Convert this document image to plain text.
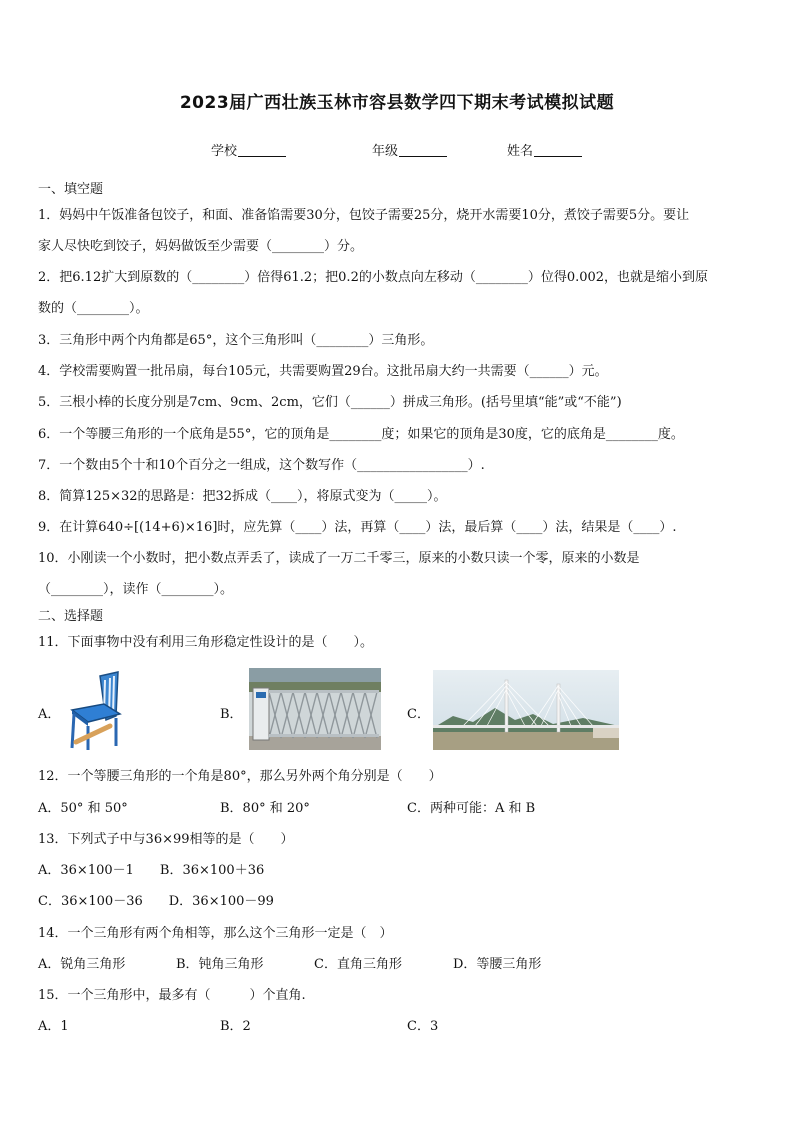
2023届广西壮族玉林市容县数学四下期末考试模拟试题
学校	年级	姓名
一、填空题
1．妈妈中午饭准备包饺子，和面、准备馅需要30分，包饺子需要25分，烧开水需要10分，煮饺子需要5分。要让
家人尽快吃到饺子，妈妈做饭至少需要（________）分。
2．把6.12扩大到原数的（________）倍得61.2；把0.2的小数点向左移动（________）位得0.002，也就是缩小到原
数的（________）。
3．三角形中两个内角都是65°，这个三角形叫（________）三角形。
4．学校需要购置一批吊扇，每台105元，共需要购置29台。这批吊扇大约一共需要（______）元。
5．三根小棒的长度分别是7cm、9cm、2cm，它们（______）拼成三角形。(括号里填“能”或“不能”)
6．一个等腰三角形的一个底角是55°，它的顶角是________度；如果它的顶角是30度，它的底角是________度。
7．一个数由5个十和10个百分之一组成，这个数写作（_________________）.
8．简算125×32的思路是：把32拆成（____），将原式变为（_____）。
9．在计算640÷[(14+6)×16]时，应先算（____）法，再算（____）法，最后算（____）法，结果是（____）.
10．小刚读一个小数时，把小数点弄丢了，读成了一万二千零三，原来的小数只读一个零，原来的小数是
（________），读作（________）。
二、选择题
11．下面事物中没有利用三角形稳定性设计的是（　　）。
A．	B．	C．
12．一个等腰三角形的一个角是80°，那么另外两个角分别是（　　）
A．50° 和 50°	B．80° 和 20°	C．两种可能：A 和 B
13．下列式子中与36×99相等的是（　　）
A．36×100－1　　B．36×100＋36
C．36×100－36　　D．36×100－99
14．一个三角形有两个角相等，那么这个三角形一定是（　）
A．锐角三角形	B．钝角三角形	C．直角三角形	D．等腰三角形
15．一个三角形中，最多有（　　　）个直角.
A．1	B．2	C．3
